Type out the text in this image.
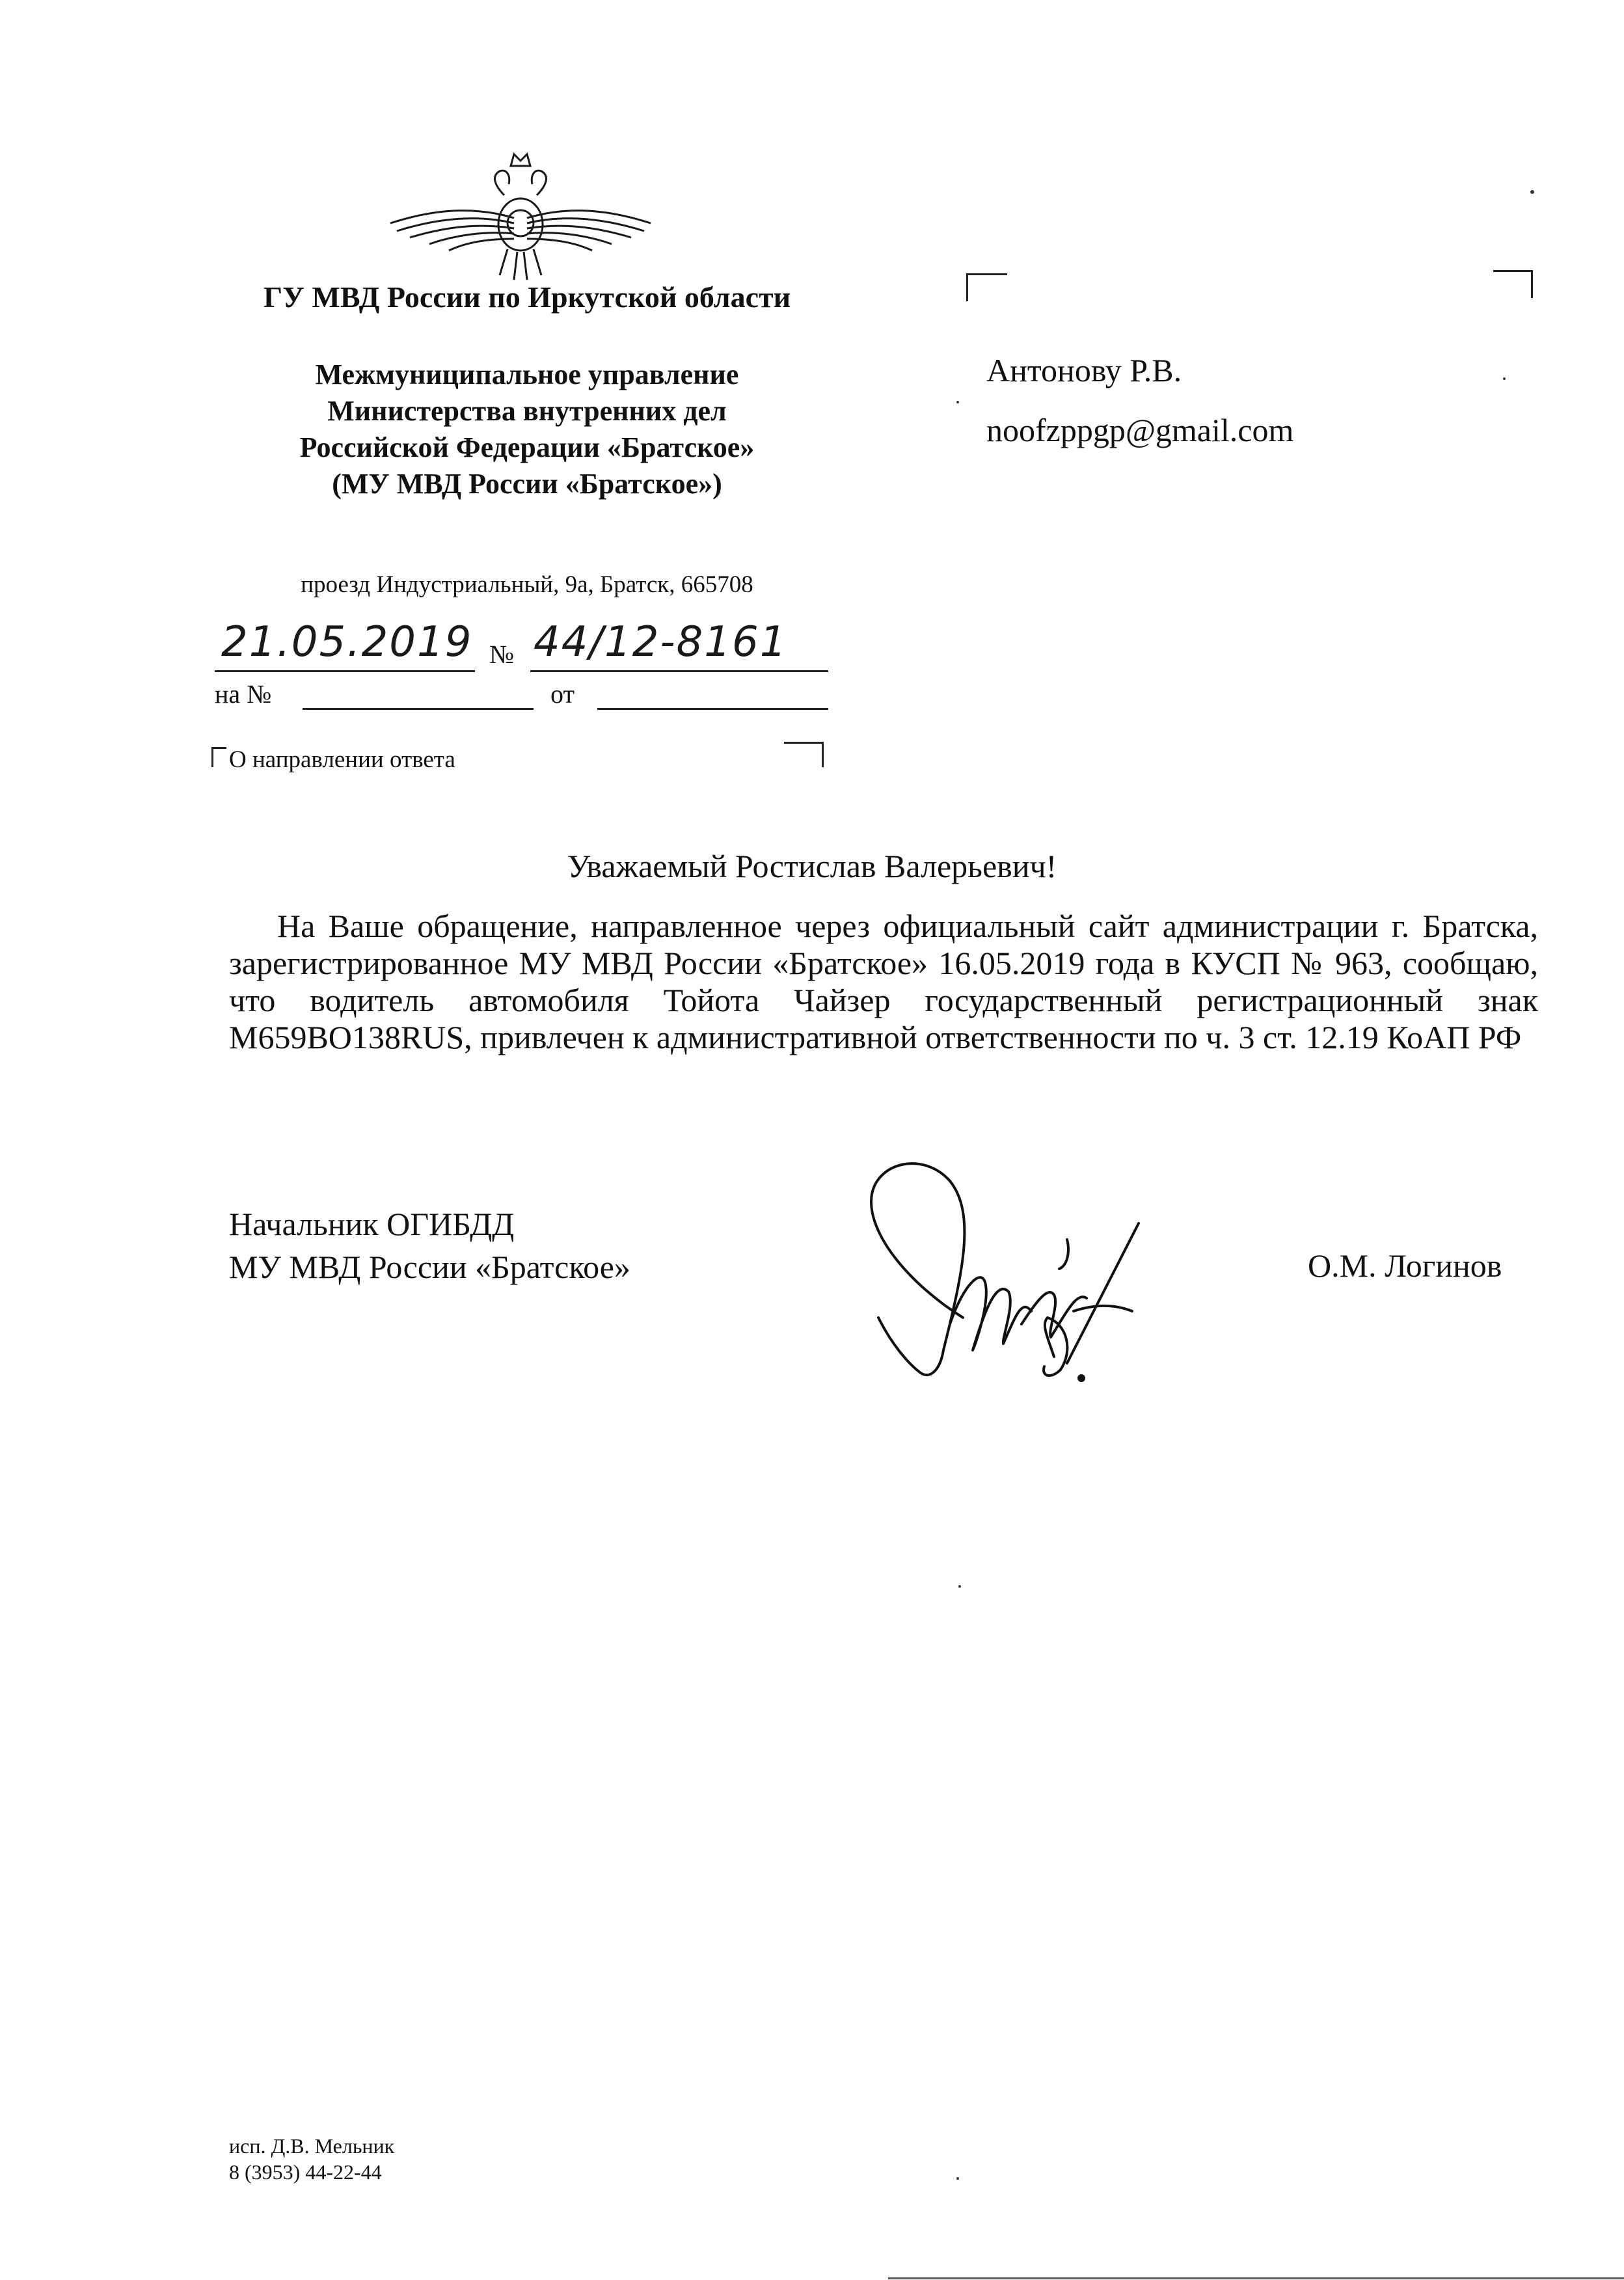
ГУ МВД России по Иркутской области
Межмуниципальное управление
Министерства внутренних дел
Российской Федерации «Братское»
(МУ МВД России «Братское»)
проезд Индустриальный, 9а, Братск, 665708
21.05.2019 № 44/12-8161
на №	от
О направлении ответа
Антонову Р.В.
noofzppgp@gmail.com
Уважаемый Ростислав Валерьевич!
На Ваше обращение, направленное через официальный сайт администрации г. Братска, зарегистрированное МУ МВД России «Братское» 16.05.2019 года в КУСП № 963, сообщаю, что водитель автомобиля Тойота Чайзер государственный регистрационный знак М659ВО138RUS, привлечен к административной ответственности по ч. 3 ст. 12.19 КоАП РФ
Начальник ОГИБДД
МУ МВД России «Братское»	О.М. Логинов
исп. Д.В. Мельник
8 (3953) 44-22-44
